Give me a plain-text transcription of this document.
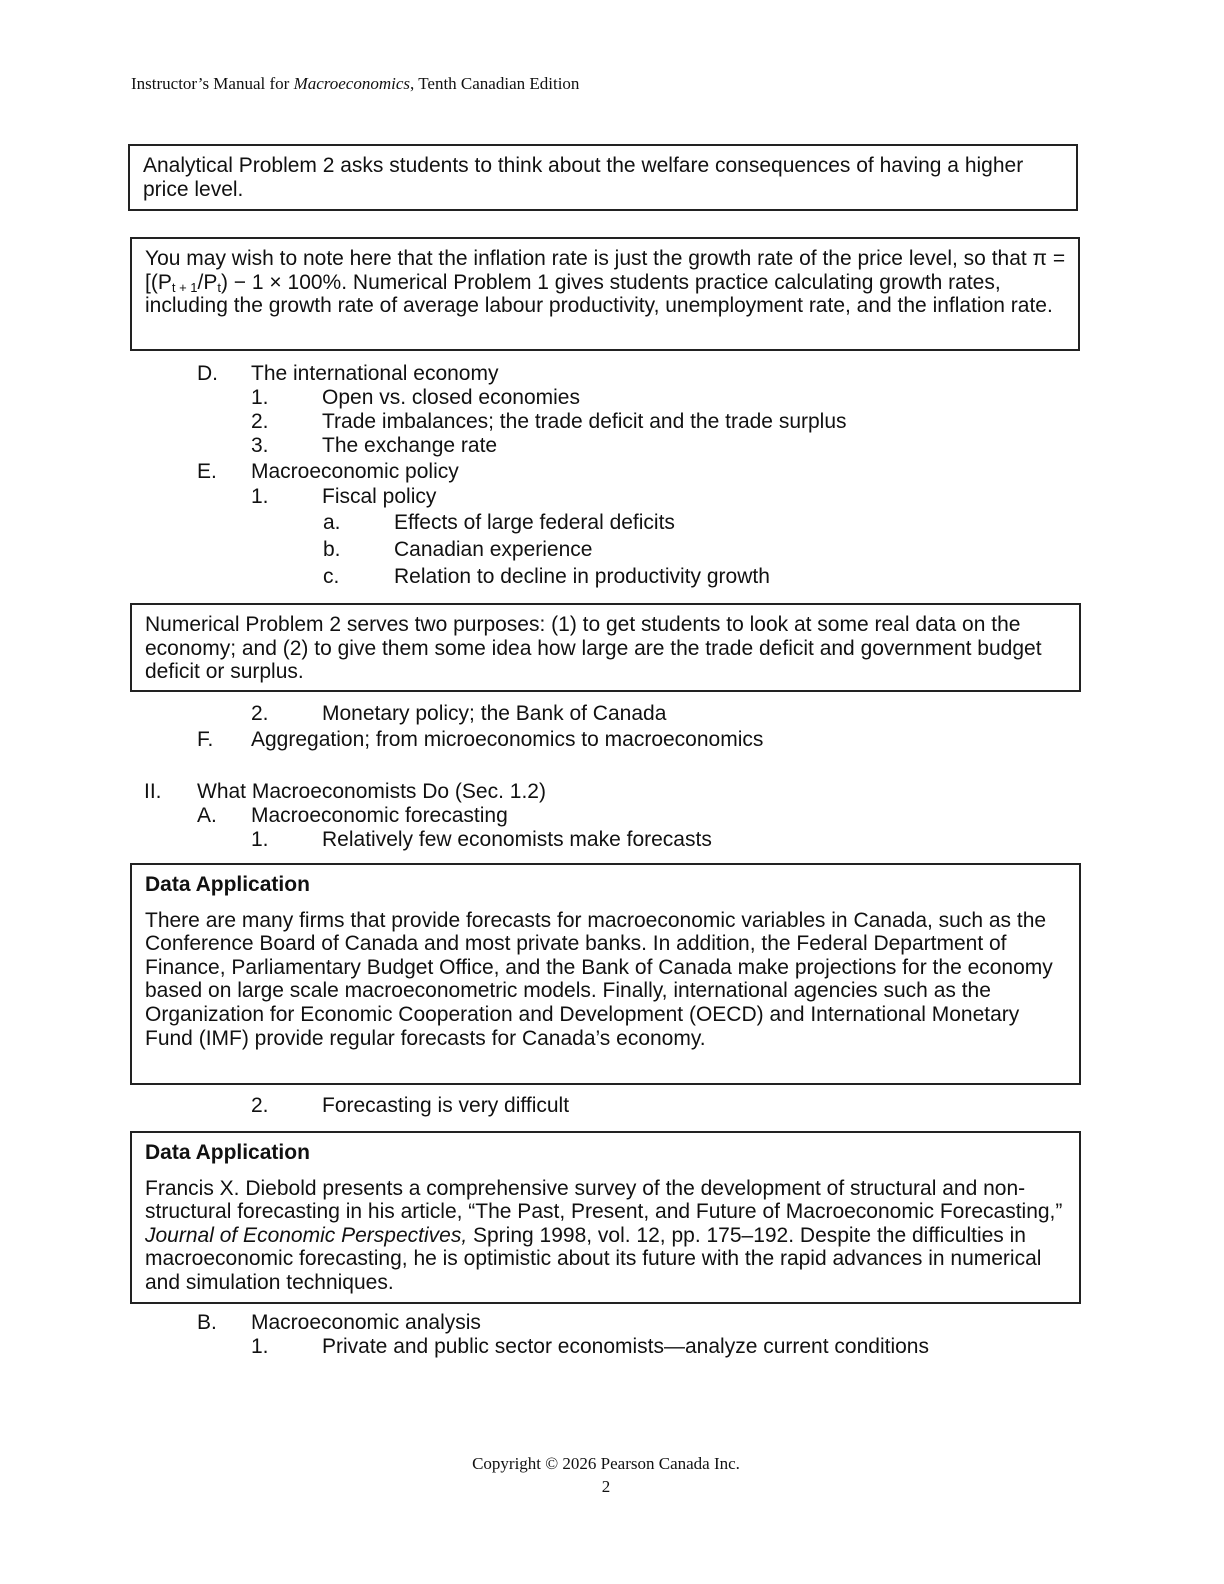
Instructor’s Manual for Macroeconomics, Tenth Canadian Edition

Analytical Problem 2 asks students to think about the welfare consequences of having a higher price level.

You may wish to note here that the inflation rate is just the growth rate of the price level, so that $\pi = [(P_{t + 1}/P_t) - 1 \times 100\%$. Numerical Problem 1 gives students practice calculating growth rates, including the growth rate of average labour productivity, unemployment rate, and the inflation rate.

D. The international economy
1.	Open vs. closed economies
2.	Trade imbalances; the trade deficit and the trade surplus
3.	The exchange rate
E. Macroeconomic policy
1.	Fiscal policy
a.	Effects of large federal deficits
b.	Canadian experience
c.	Relation to decline in productivity growth

Numerical Problem 2 serves two purposes: (1) to get students to look at some real data on the economy; and (2) to give them some idea how large are the trade deficit and government budget deficit or surplus.

2.	Monetary policy; the Bank of Canada
F. Aggregation; from microeconomics to macroeconomics
II. What Macroeconomists Do (Sec. 1.2)
A. Macroeconomic forecasting
1.	Relatively few economists make forecasts

Data Application

There are many firms that provide forecasts for macroeconomic variables in Canada, such as the Conference Board of Canada and most private banks. In addition, the Federal Department of Finance, Parliamentary Budget Office, and the Bank of Canada make projections for the economy based on large scale macroeconometric models. Finally, international agencies such as the Organization for Economic Cooperation and Development (OECD) and International Monetary Fund (IMF) provide regular forecasts for Canada’s economy.

2.	Forecasting is very difficult

Data Application

Francis X. Diebold presents a comprehensive survey of the development of structural and non-structural forecasting in his article, “The Past, Present, and Future of Macroeconomic Forecasting,” Journal of Economic Perspectives, Spring 1998, vol. 12, pp. 175–192. Despite the difficulties in macroeconomic forecasting, he is optimistic about its future with the rapid advances in numerical and simulation techniques.

B. Macroeconomic analysis
1.	Private and public sector economists—analyze current conditions
Copyright © 2026 Pearson Canada Inc.
2
